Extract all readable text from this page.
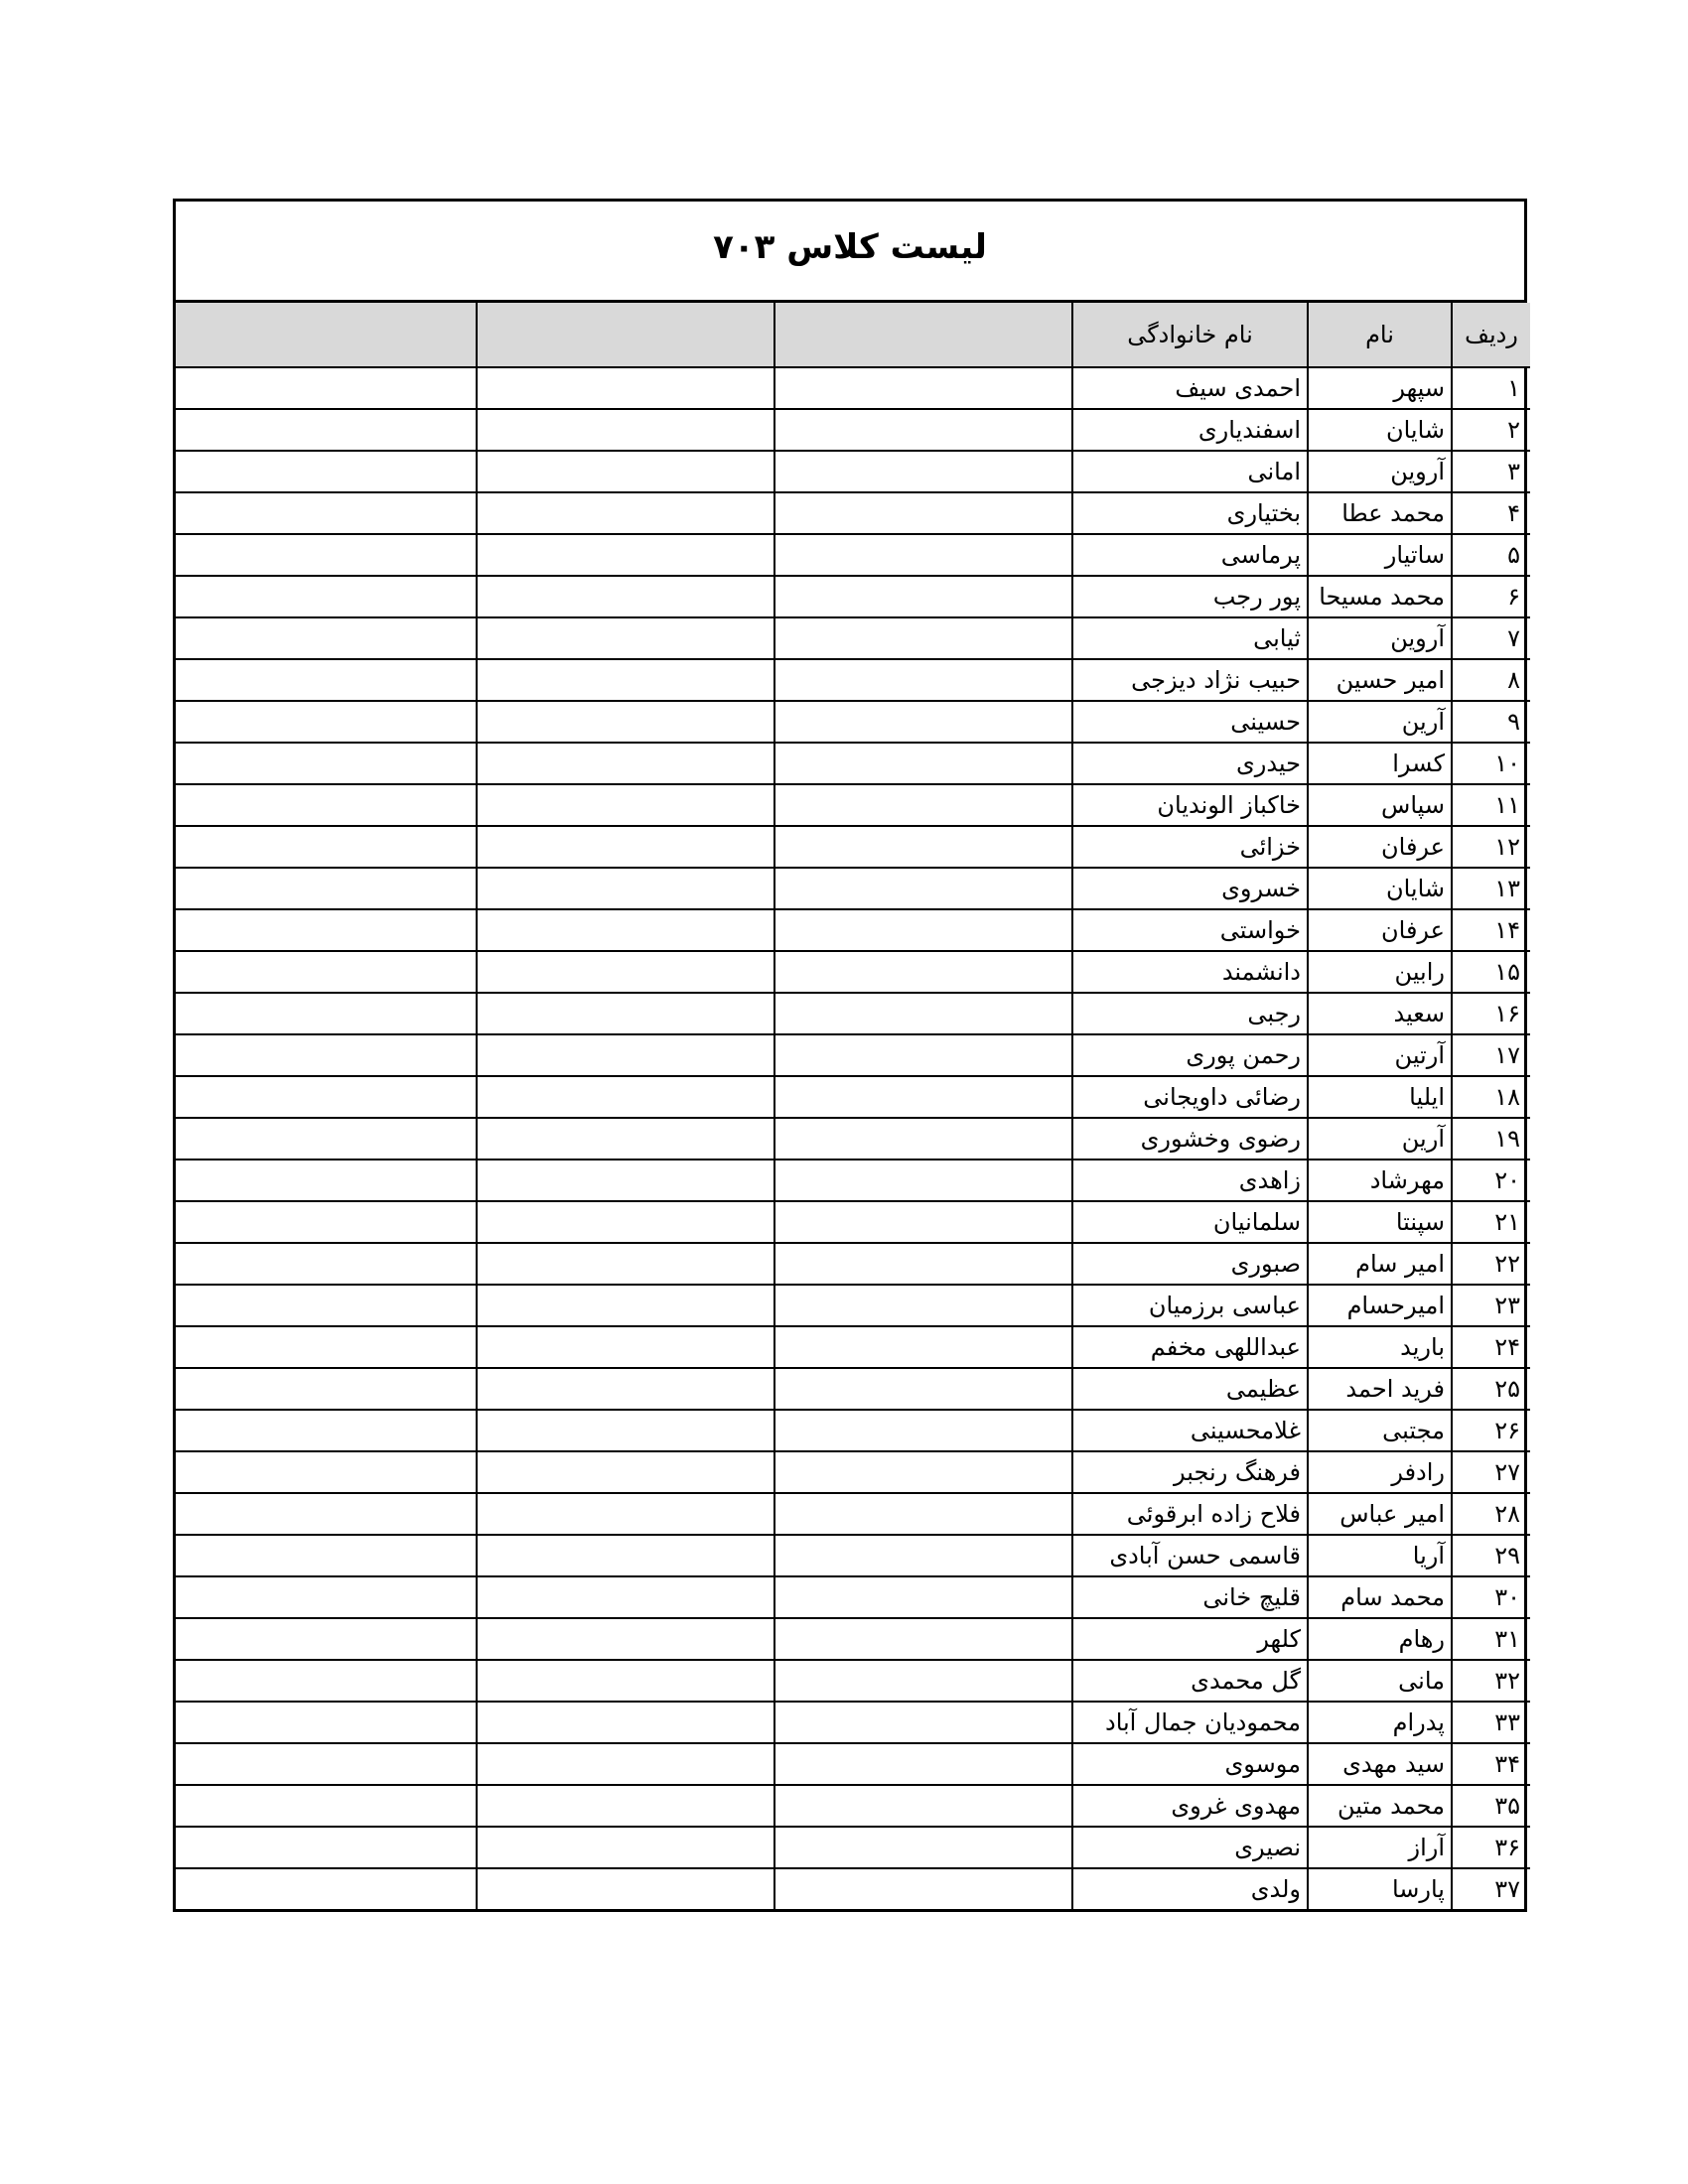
لیست کلاس ۷۰۳
ردیف	نام	نام خانوادگی			
۱	سپهر	احمدی سیف			
۲	شایان	اسفندیاری			
۳	آروین	امانی			
۴	محمد عطا	بختیاری			
۵	ساتیار	پرماسی			
۶	محمد مسیحا	پور رجب			
۷	آروین	ثیابی			
۸	امیر حسین	حبیب نژاد دیزجی			
۹	آرین	حسینی			
۱۰	کسرا	حیدری			
۱۱	سپاس	خاکباز الوندیان			
۱۲	عرفان	خزائی			
۱۳	شایان	خسروی			
۱۴	عرفان	خواستی			
۱۵	رابین	دانشمند			
۱۶	سعید	رجبی			
۱۷	آرتین	رحمن پوری			
۱۸	ایلیا	رضائی داویجانی			
۱۹	آرین	رضوی وخشوری			
۲۰	مهرشاد	زاهدی			
۲۱	سپنتا	سلمانیان			
۲۲	امیر سام	صبوری			
۲۳	امیرحسام	عباسی برزمیان			
۲۴	بارید	عبداللهی مخفم			
۲۵	فرید احمد	عظیمی			
۲۶	مجتبی	غلامحسینی			
۲۷	رادفر	فرهنگ رنجبر			
۲۸	امیر عباس	فلاح زاده ابرقوئی			
۲۹	آریا	قاسمی حسن آبادی			
۳۰	محمد سام	قلیچ خانی			
۳۱	رهام	کلهر			
۳۲	مانی	گل محمدی			
۳۳	پدرام	محمودیان جمال آباد			
۳۴	سید مهدی	موسوی			
۳۵	محمد متین	مهدوی غروی			
۳۶	آراز	نصیری			
۳۷	پارسا	ولدی			
